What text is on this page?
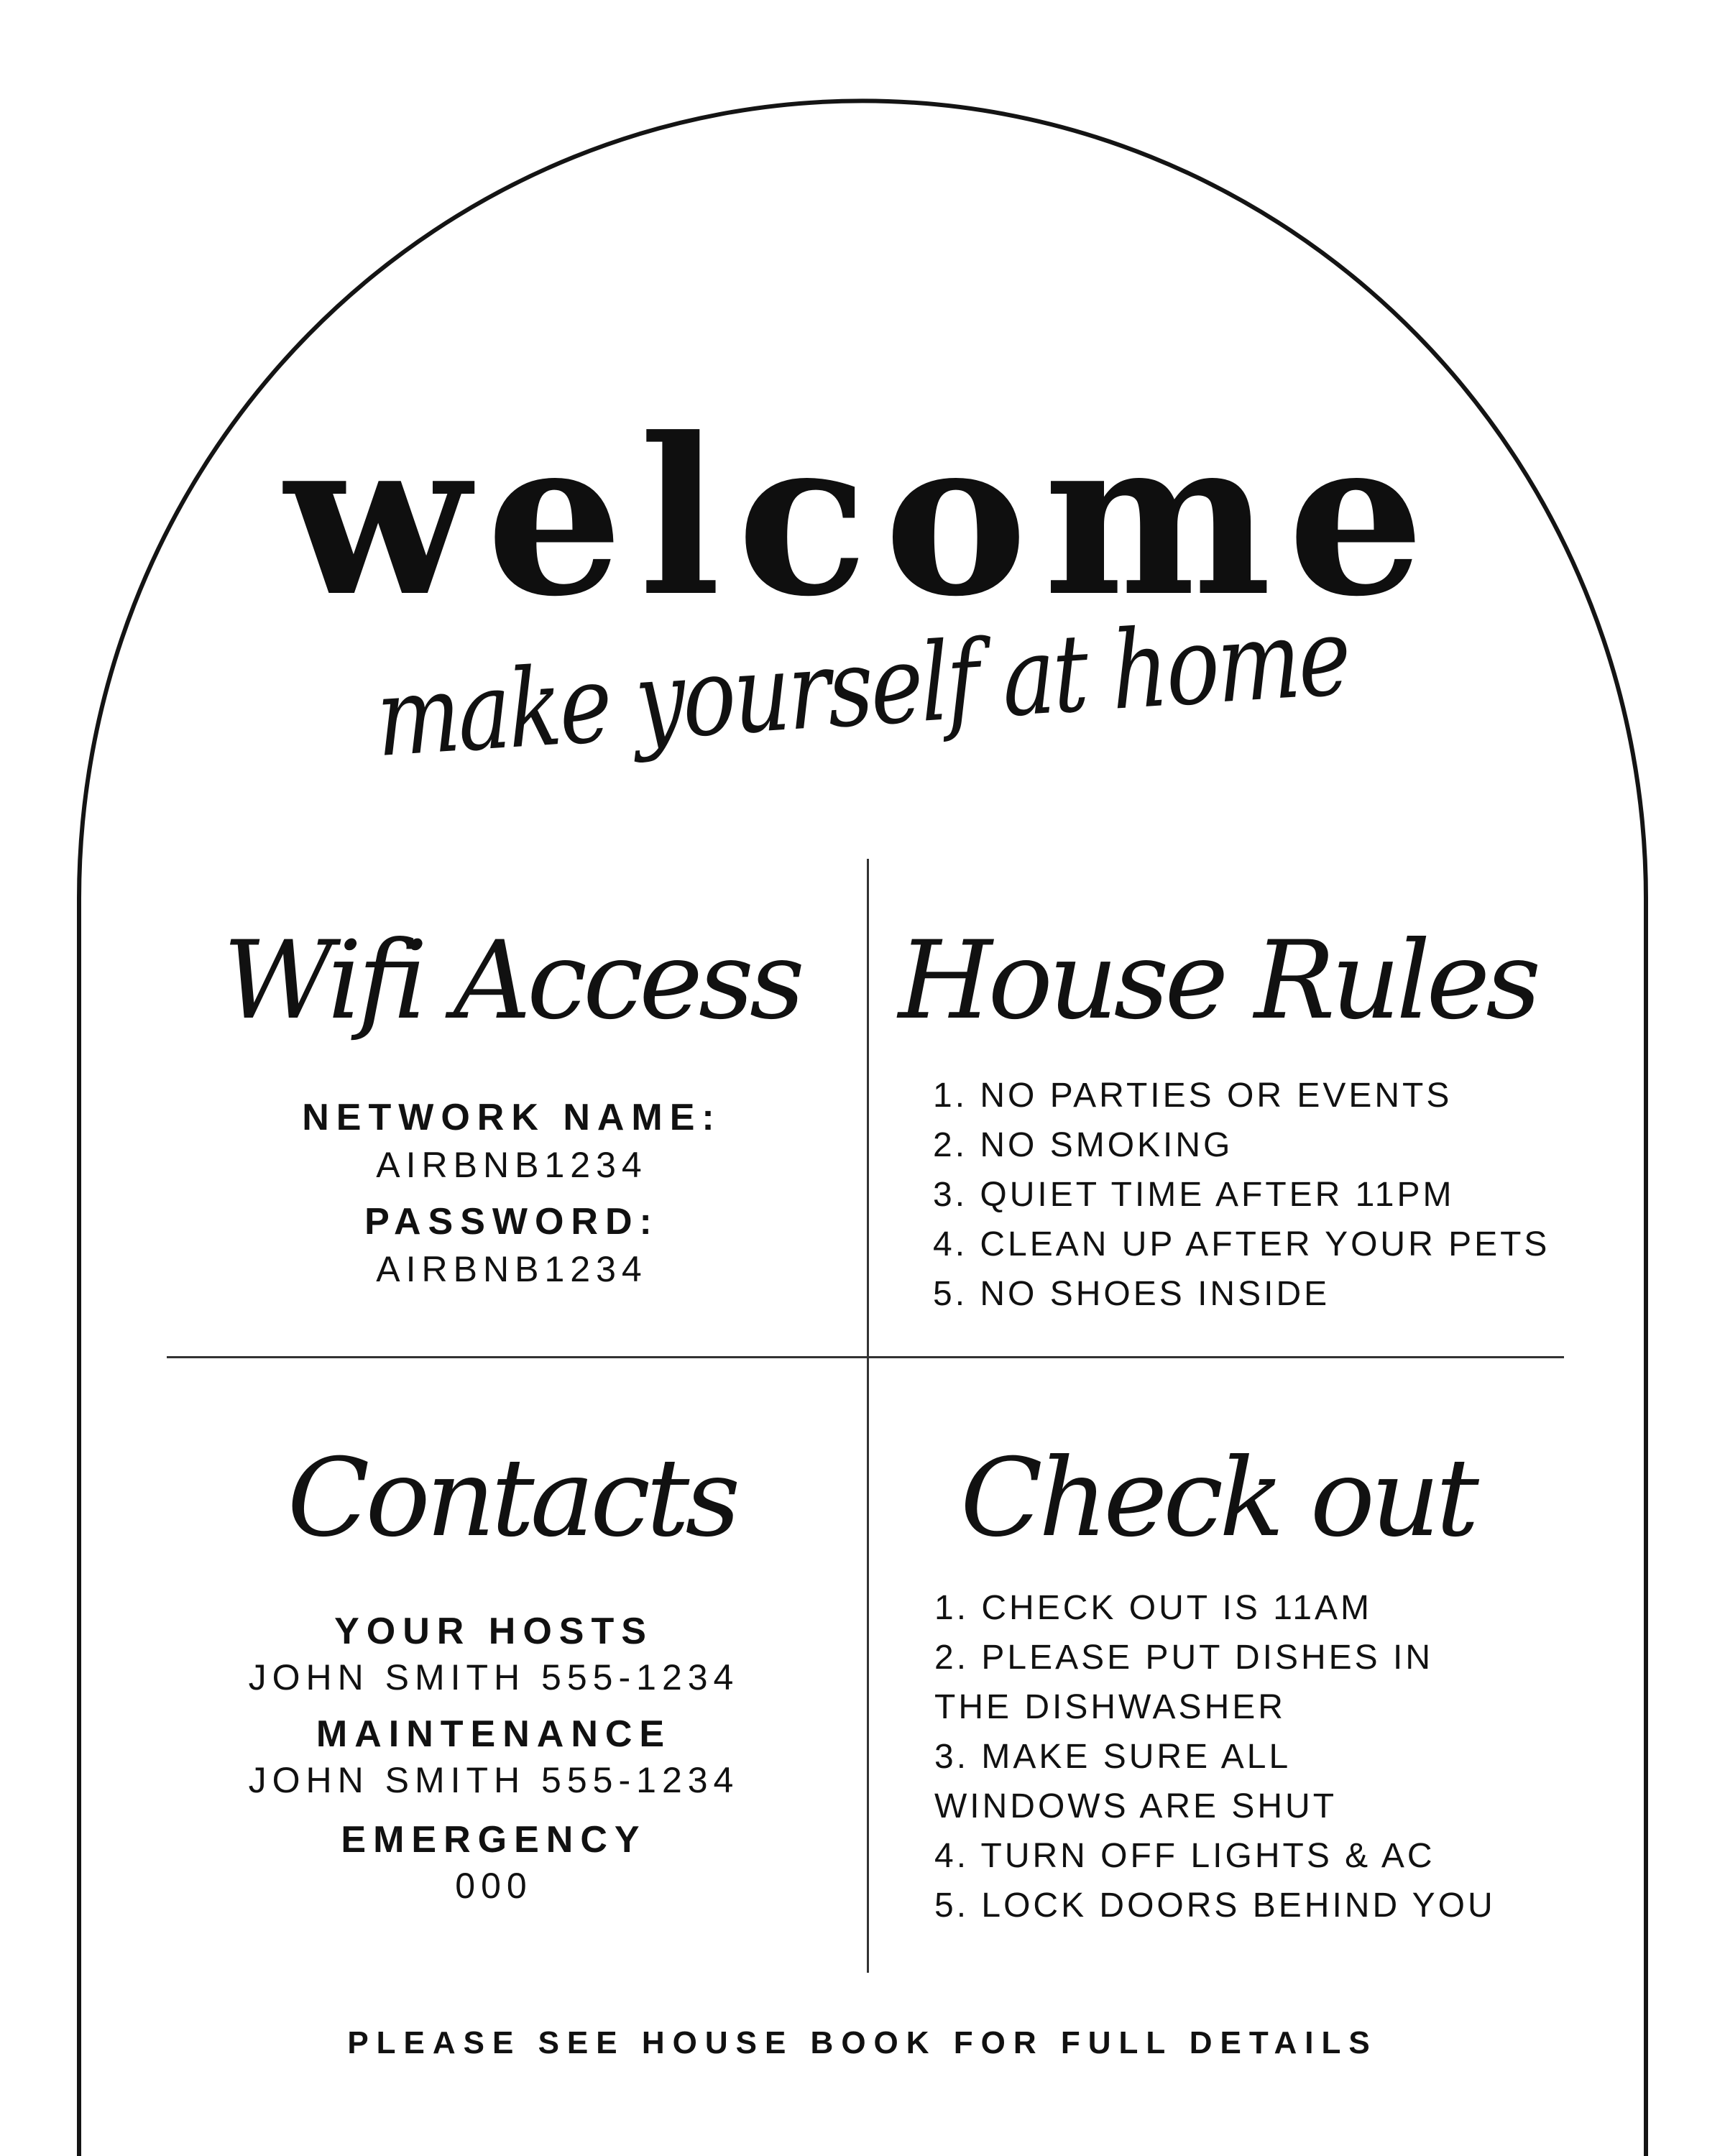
welcome
make yourself at home
Wifi Access
NETWORK NAME:
AIRBNB1234
PASSWORD:
AIRBNB1234
House Rules
1. NO PARTIES OR EVENTS
2. NO SMOKING
3. QUIET TIME AFTER 11PM
4. CLEAN UP AFTER YOUR PETS
5. NO SHOES INSIDE
Contacts
YOUR HOSTS
JOHN SMITH 555-1234
MAINTENANCE
JOHN SMITH 555-1234
EMERGENCY
000
Check out
1. CHECK OUT IS 11AM
2. PLEASE PUT DISHES IN
THE DISHWASHER
3. MAKE SURE ALL
WINDOWS ARE SHUT
4. TURN OFF LIGHTS & AC
5. LOCK DOORS BEHIND YOU
PLEASE SEE HOUSE BOOK FOR FULL DETAILS
